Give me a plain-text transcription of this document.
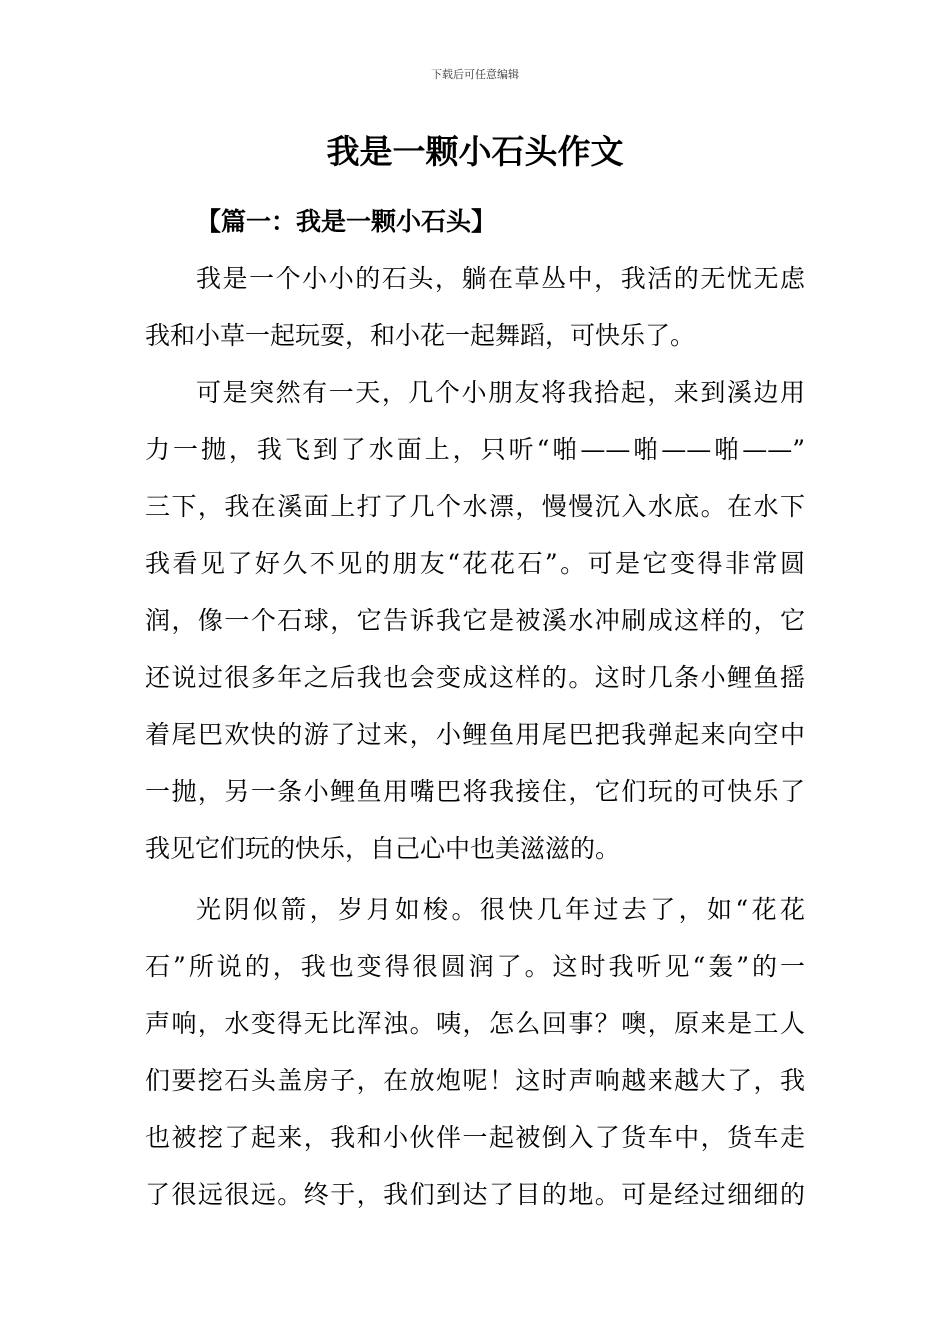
下载后可任意编辑
我是一颗小石头作文
【篇一：我是一颗小石头】
我是一个小小的石头，躺在草丛中，我活的无忧无虑
我和小草一起玩耍，和小花一起舞蹈，可快乐了。
可是突然有一天，几个小朋友将我拾起，来到溪边用
力一抛，我飞到了水面上，只听“啪——啪——啪——”
三下，我在溪面上打了几个水漂，慢慢沉入水底。在水下
我看见了好久不见的朋友“花花石”。可是它变得非常圆
润，像一个石球，它告诉我它是被溪水冲刷成这样的，它
还说过很多年之后我也会变成这样的。这时几条小鲤鱼摇
着尾巴欢快的游了过来，小鲤鱼用尾巴把我弹起来向空中
一抛，另一条小鲤鱼用嘴巴将我接住，它们玩的可快乐了
我见它们玩的快乐，自己心中也美滋滋的。
光阴似箭，岁月如梭。很快几年过去了，如“花花
石”所说的，我也变得很圆润了。这时我听见“轰”的一
声响，水变得无比浑浊。咦，怎么回事？噢，原来是工人
们要挖石头盖房子，在放炮呢！这时声响越来越大了，我
也被挖了起来，我和小伙伴一起被倒入了货车中，货车走
了很远很远。终于，我们到达了目的地。可是经过细细的
